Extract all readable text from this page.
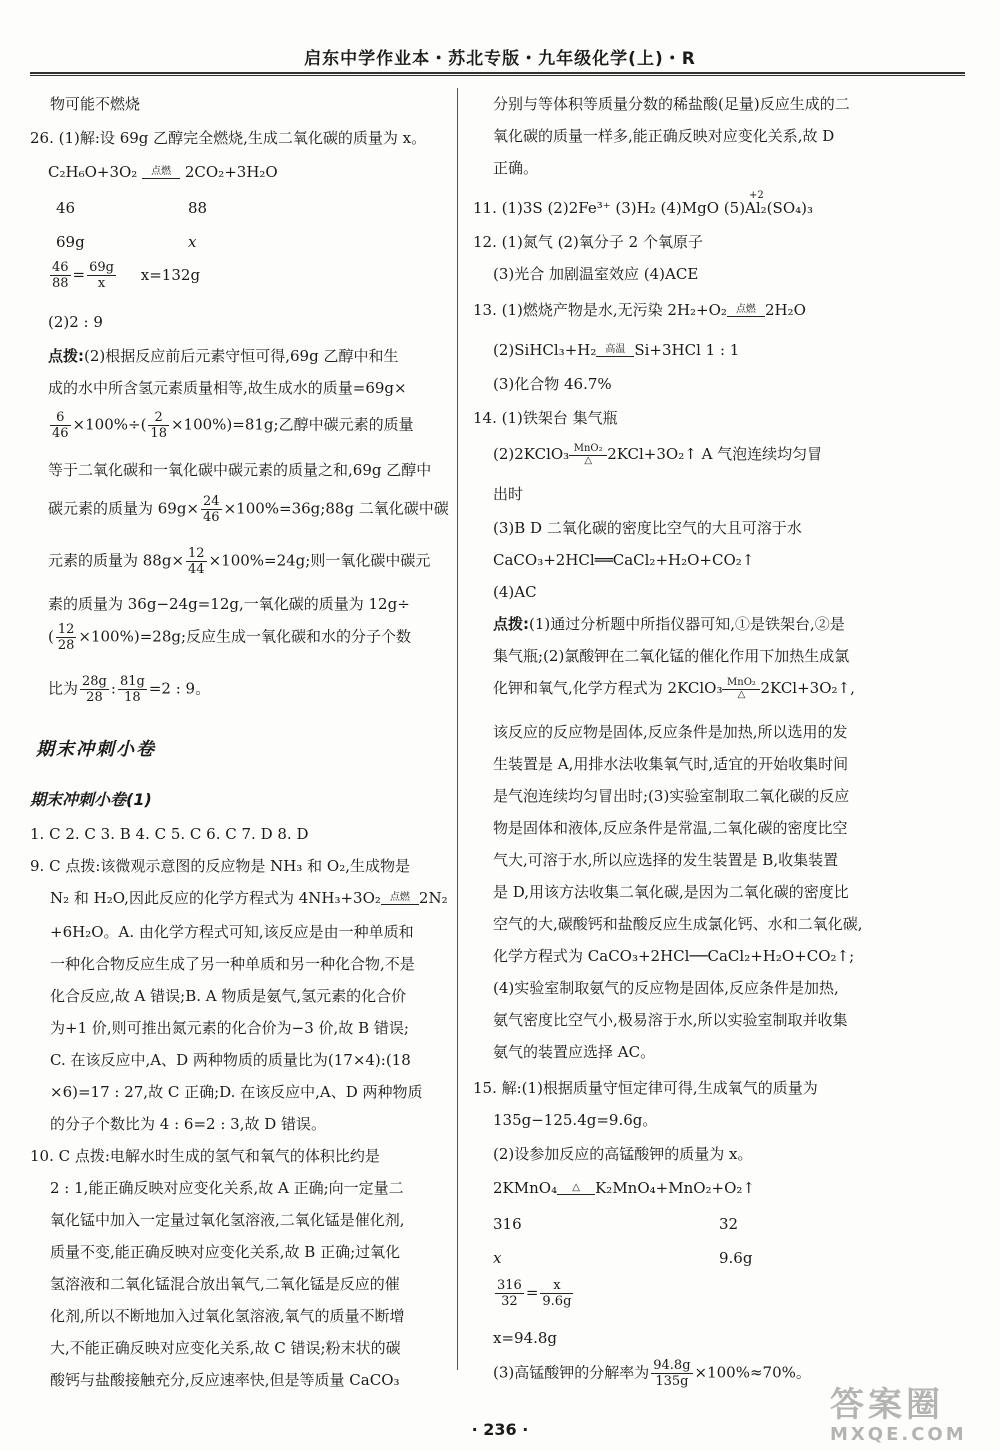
启东中学作业本・苏北专版・九年级化学(上)・R
物可能不燃烧
26. (1)解:设 69g 乙醇完全燃烧,生成二氧化碳的质量为 x。
C₂H₆O+3O₂	点燃 2CO₂+3H₂O
46	88
69g	x
$\frac{46}{88} = \frac{69g}{x} x=132g$
(2)2 : 9
点拨:(2)根据反应前后元素守恒可得,69g 乙醇中和生
成的水中所含氢元素质量相等,故生成水的质量=69g×
$\frac{6}{46} \times 100\%\div( \frac{2}{18} \times 100\%)=81g$;乙醇中碳元素的质量
等于二氧化碳和一氧化碳中碳元素的质量之和,69g 乙醇中
碳元素的质量为 $69g\times \frac{24}{46}$ ×100%=36g;88g 二氧化碳中碳
元素的质量为 $88g\times \frac{12}{44} \times 100\%=24g$;则一氧化碳中碳元
素的质量为 36g−24g=12g,一氧化碳的质量为 12g÷
( $\frac{12}{28} \times 100\%)=28g$;反应生成一氧化碳和水的分子个数
比为 $\frac{28g}{28}$ : $\frac{81g}{18} =2$ : 9。
期末冲刺小卷
期末冲刺小卷(1)
1. C 2. C 3. B 4. C 5. C 6. C 7. D 8. D
9. C 点拨:该微观示意图的反应物是 NH₃ 和 O₂,生成物是
N₂ 和 H₂O,因此反应的化学方程式为 4NH₃+3O₂ 点燃 2N₂
+6H₂O。A. 由化学方程式可知,该反应是由一种单质和
一种化合物反应生成了另一种单质和另一种化合物,不是
化合反应,故 A 错误;B. A 物质是氨气,氢元素的化合价
为+1 价,则可推出氮元素的化合价为−3 价,故 B 错误;
C. 在该反应中,A、D 两种物质的质量比为(17×4):(18
×6)=17 : 27,故 C 正确;D. 在该反应中,A、D 两种物质
的分子个数比为 4 : 6=2 : 3,故 D 错误。
10. C 点拨:电解水时生成的氢气和氧气的体积比约是
2 : 1,能正确反映对应变化关系,故 A 正确;向一定量二
氧化锰中加入一定量过氧化氢溶液,二氧化锰是催化剂,
质量不变,能正确反映对应变化关系,故 B 正确;过氧化
氢溶液和二氧化锰混合放出氧气,二氧化锰是反应的催
化剂,所以不断地加入过氧化氢溶液,氧气的质量不断增
大,不能正确反映对应变化关系,故 C 错误;粉末状的碳
酸钙与盐酸接触充分,反应速率快,但是等质量 CaCO₃
分别与等体积等质量分数的稀盐酸(足量)反应生成的二
氧化碳的质量一样多,能正确反映对应变化关系,故 D
正确。
11. (1)3S (2)2Fe³⁺ (3)H₂ (4)MgO (5)Al₂(SO₄)₃
+2
12. (1)氮气 (2)氧分子 2 个氧原子
(3)光合 加剧温室效应 (4)ACE
13. (1)燃烧产物是水,无污染 2H₂+O₂ 点燃 2H₂O
(2)SiHCl₃+H₂ 高温 Si+3HCl 1 : 1
(3)化合物 46.7%
14. (1)铁架台 集气瓶
(2)2KClO₃ MnO₂
△	2KCl+3O₂↑ A 气泡连续均匀冒
出时
(3)B D 二氧化碳的密度比空气的大且可溶于水
CaCO₃+2HCl══CaCl₂+H₂O+CO₂↑
(4)AC
点拨:(1)通过分析题中所指仪器可知,①是铁架台,②是
集气瓶;(2)氯酸钾在二氧化锰的催化作用下加热生成氯
化钾和氧气,化学方程式为 2KClO₃ MnO₂
△	2KCl+3O₂↑,
该反应的反应物是固体,反应条件是加热,所以选用的发
生装置是 A,用排水法收集氧气时,适宜的开始收集时间
是气泡连续均匀冒出时;(3)实验室制取二氧化碳的反应
物是固体和液体,反应条件是常温,二氧化碳的密度比空
气大,可溶于水,所以应选择的发生装置是 B,收集装置
是 D,用该方法收集二氧化碳,是因为二氧化碳的密度比
空气的大,碳酸钙和盐酸反应生成氯化钙、水和二氧化碳,
化学方程式为 CaCO₃+2HCl──CaCl₂+H₂O+CO₂↑;
(4)实验室制取氨气的反应物是固体,反应条件是加热,
氨气密度比空气小,极易溶于水,所以实验室制取并收集
氨气的装置应选择 AC。
15. 解:(1)根据质量守恒定律可得,生成氧气的质量为
135g−125.4g=9.6g。
(2)设参加反应的高锰酸钾的质量为 x。
2KMnO₄	△	K₂MnO₄+MnO₂+O₂↑
316	32
x	9.6g
$\frac{316}{32} = \frac{x}{9.6g}$
x=94.8g
(3)高锰酸钾的分解率为 $\frac{94.8g}{135g} \times 100\%\approx 70\%$。
· 236 ·
答案圈
MXQE.COM
